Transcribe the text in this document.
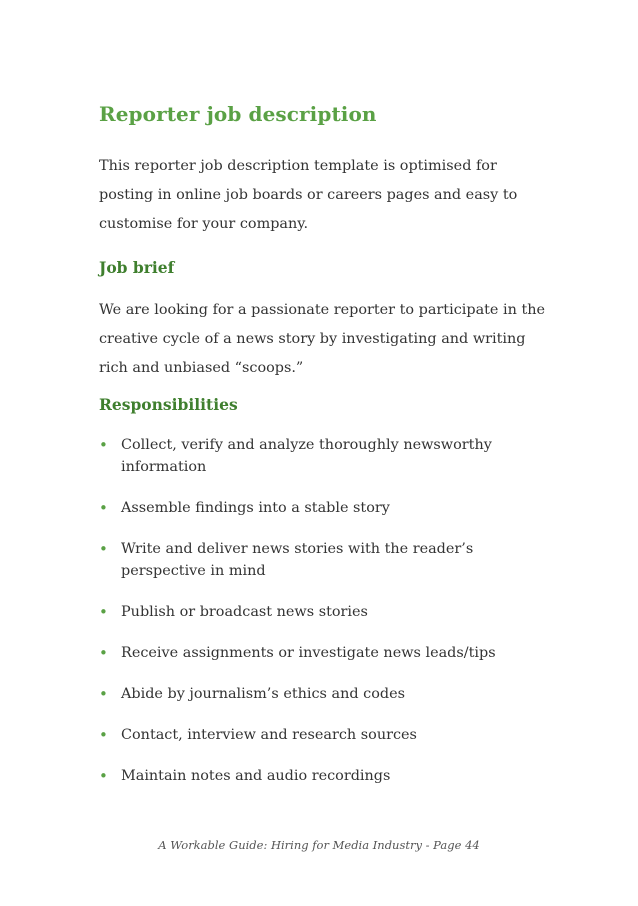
Reporter job description

This reporter job description template is optimised for posting in online job boards or careers pages and easy to customise for your company.

Job brief

We are looking for a passionate reporter to participate in the creative cycle of a news story by investigating and writing rich and unbiased “scoops.”

Responsibilities
• Collect, verify and analyze thoroughly newsworthy information
• Assemble findings into a stable story
• Write and deliver news stories with the reader’s perspective in mind
• Publish or broadcast news stories
• Receive assignments or investigate news leads/tips
• Abide by journalism’s ethics and codes
• Contact, interview and research sources
• Maintain notes and audio recordings

A Workable Guide: Hiring for Media Industry - Page 44
